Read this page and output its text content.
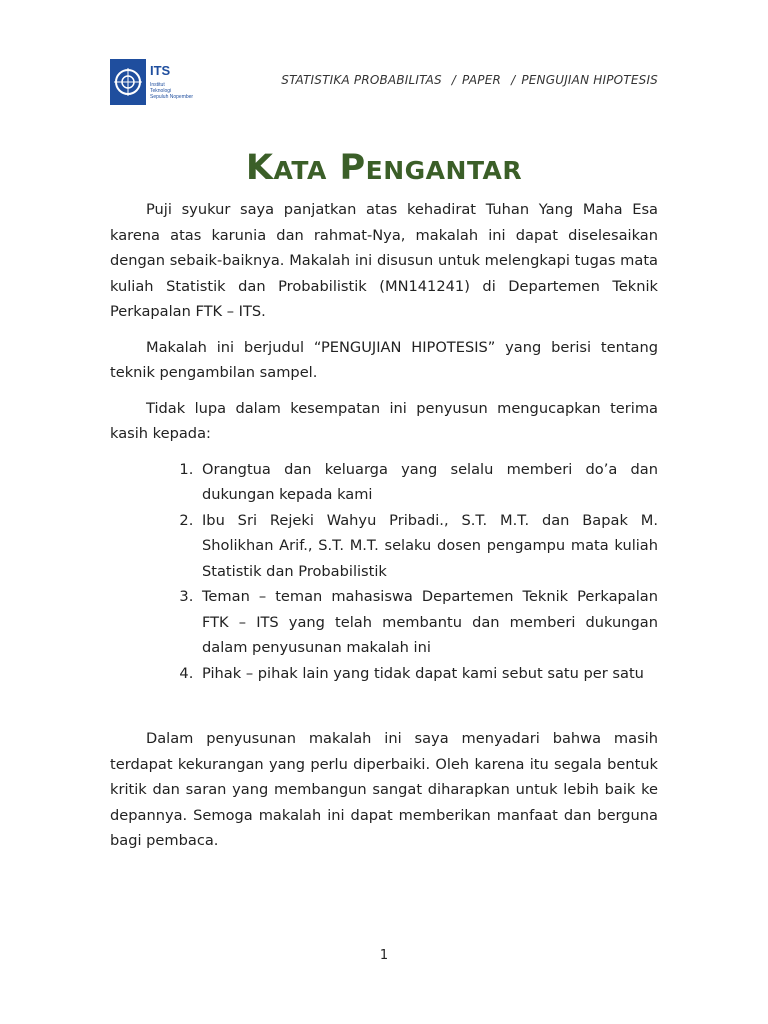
ITS
Institut
Teknologi
Sepuluh Nopember
STATISTIKA PROBABILITAS / PAPER / PENGUJIAN HIPOTESIS
Kata Pengantar

Puji syukur saya panjatkan atas kehadirat Tuhan Yang Maha Esa karena atas karunia dan rahmat-Nya, makalah ini dapat diselesaikan dengan sebaik-baiknya. Makalah ini disusun untuk melengkapi tugas mata kuliah Statistik dan Probabilistik (MN141241) di Departemen Teknik Perkapalan FTK – ITS.

Makalah ini berjudul “PENGUJIAN HIPOTESIS” yang berisi tentang teknik pengambilan sampel.

Tidak lupa dalam kesempatan ini penyusun mengucapkan terima kasih kepada:

1. Orangtua dan keluarga yang selalu memberi do’a dan dukungan kepada kami
2. Ibu Sri Rejeki Wahyu Pribadi., S.T. M.T. dan Bapak M. Sholikhan Arif., S.T. M.T. selaku dosen pengampu mata kuliah Statistik dan Probabilistik
3. Teman – teman mahasiswa Departemen Teknik Perkapalan FTK – ITS yang telah membantu dan memberi dukungan dalam penyusunan makalah ini
4. Pihak – pihak lain yang tidak dapat kami sebut satu per satu

Dalam penyusunan makalah ini saya menyadari bahwa masih terdapat kekurangan yang perlu diperbaiki. Oleh karena itu segala bentuk kritik dan saran yang membangun sangat diharapkan untuk lebih baik ke depannya. Semoga makalah ini dapat memberikan manfaat dan berguna bagi pembaca.

1
